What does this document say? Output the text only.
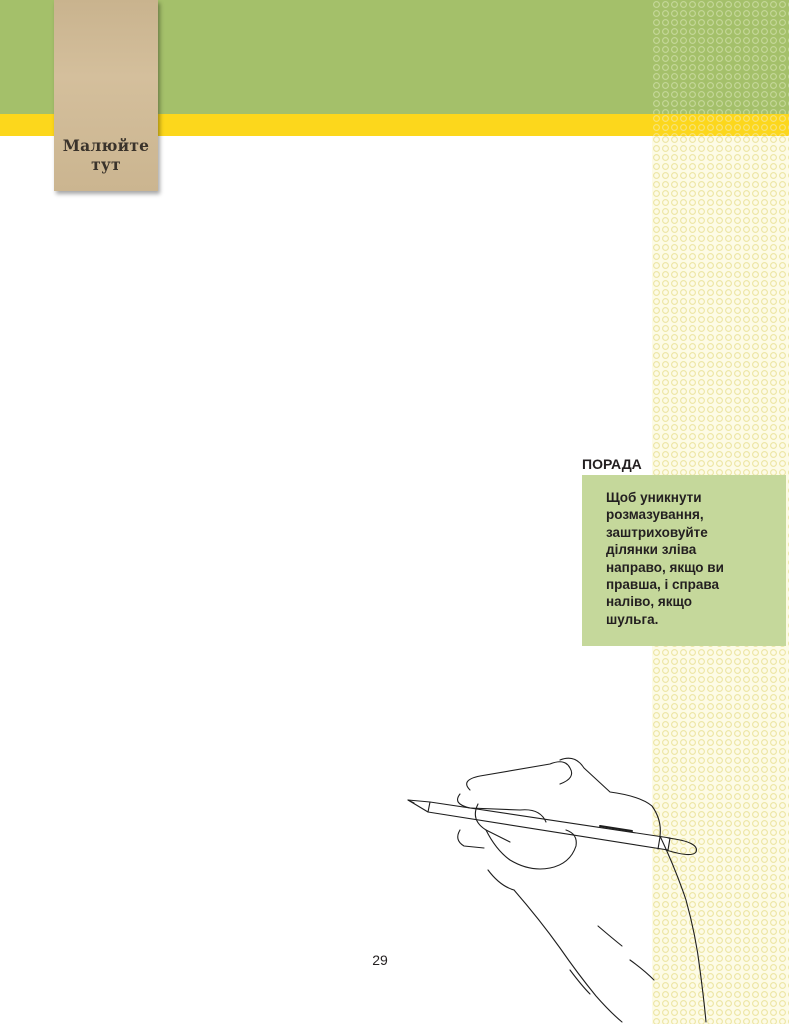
Малюйте
тут
ПОРАДА
Щоб уникнути
розмазування,
заштриховуйте
ділянки зліва
направо, якщо ви
правша, і справа
наліво, якщо
шульга.
29
